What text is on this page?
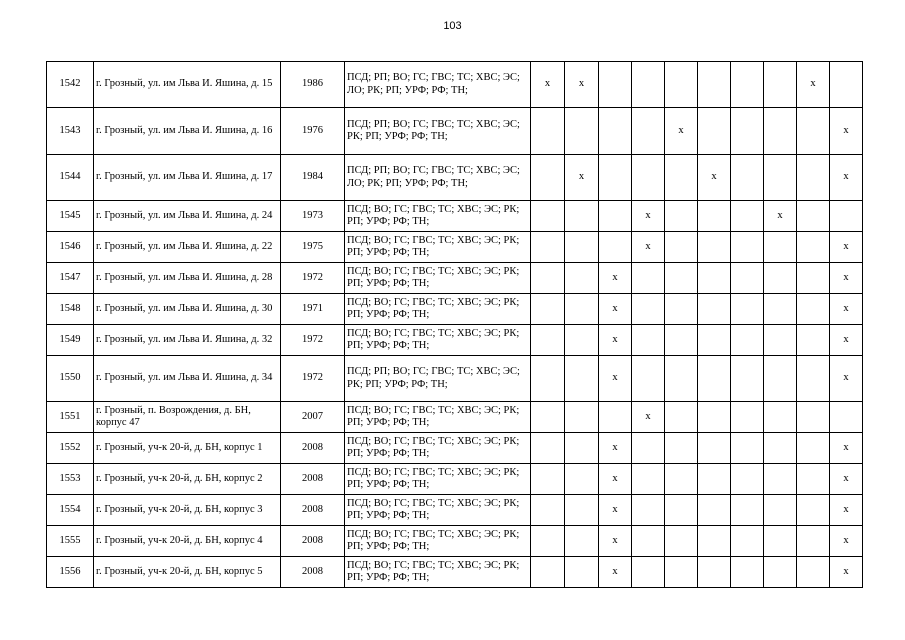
103
1542	г. Грозный, ул. им Льва И. Яшина, д. 15	1986	ПСД; РП; ВО; ГС; ГВС; ТС; ХВС; ЭС; ЛО; РК; РП; УРФ; РФ; ТН;	x	x							x	
1543	г. Грозный, ул. им Льва И. Яшина, д. 16	1976	ПСД; РП; ВО; ГС; ГВС; ТС; ХВС; ЭС; РК; РП; УРФ; РФ; ТН;					x					x
1544	г. Грозный, ул. им Льва И. Яшина, д. 17	1984	ПСД; РП; ВО; ГС; ГВС; ТС; ХВС; ЭС; ЛО; РК; РП; УРФ; РФ; ТН;		x				x				x
1545	г. Грозный, ул. им Льва И. Яшина, д. 24	1973	ПСД; ВО; ГС; ГВС; ТС; ХВС; ЭС; РК; РП; УРФ; РФ; ТН;				x				x		
1546	г. Грозный, ул. им Льва И. Яшина, д. 22	1975	ПСД; ВО; ГС; ГВС; ТС; ХВС; ЭС; РК; РП; УРФ; РФ; ТН;				x						x
1547	г. Грозный, ул. им Льва И. Яшина, д. 28	1972	ПСД; ВО; ГС; ГВС; ТС; ХВС; ЭС; РК; РП; УРФ; РФ; ТН;			x							x
1548	г. Грозный, ул. им Льва И. Яшина, д. 30	1971	ПСД; ВО; ГС; ГВС; ТС; ХВС; ЭС; РК; РП; УРФ; РФ; ТН;			x							x
1549	г. Грозный, ул. им Льва И. Яшина, д. 32	1972	ПСД; ВО; ГС; ГВС; ТС; ХВС; ЭС; РК; РП; УРФ; РФ; ТН;			x							x
1550	г. Грозный, ул. им Льва И. Яшина, д. 34	1972	ПСД; РП; ВО; ГС; ГВС; ТС; ХВС; ЭС; РК; РП; УРФ; РФ; ТН;			x							x
1551	г. Грозный, п. Возрождения, д. БН, корпус 47	2007	ПСД; ВО; ГС; ГВС; ТС; ХВС; ЭС; РК; РП; УРФ; РФ; ТН;				x						
1552	г. Грозный, уч-к 20-й, д. БН, корпус 1	2008	ПСД; ВО; ГС; ГВС; ТС; ХВС; ЭС; РК; РП; УРФ; РФ; ТН;			x							x
1553	г. Грозный, уч-к 20-й, д. БН, корпус 2	2008	ПСД; ВО; ГС; ГВС; ТС; ХВС; ЭС; РК; РП; УРФ; РФ; ТН;			x							x
1554	г. Грозный, уч-к 20-й, д. БН, корпус 3	2008	ПСД; ВО; ГС; ГВС; ТС; ХВС; ЭС; РК; РП; УРФ; РФ; ТН;			x							x
1555	г. Грозный, уч-к 20-й, д. БН, корпус 4	2008	ПСД; ВО; ГС; ГВС; ТС; ХВС; ЭС; РК; РП; УРФ; РФ; ТН;			x							x
1556	г. Грозный, уч-к 20-й, д. БН, корпус 5	2008	ПСД; ВО; ГС; ГВС; ТС; ХВС; ЭС; РК; РП; УРФ; РФ; ТН;			x							x
